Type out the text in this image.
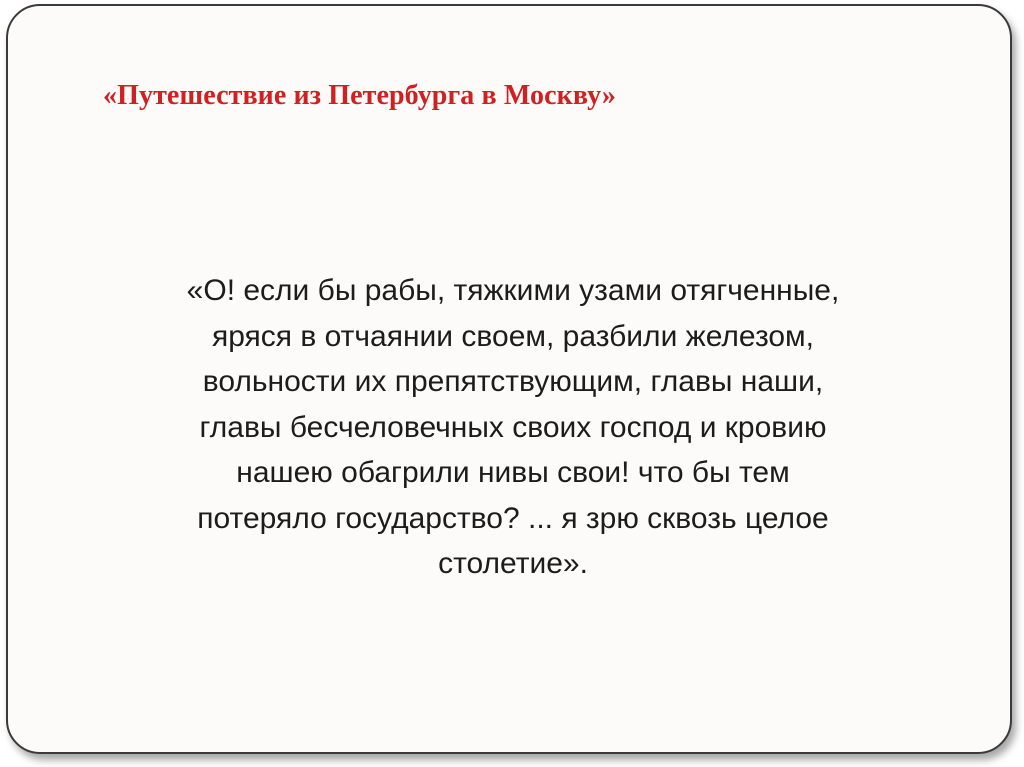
«Путешествие из Петербурга в Москву»

«О! если бы рабы, тяжкими узами отягченные,
яряся в отчаянии своем, разбили железом,
вольности их препятствующим, главы наши,
главы бесчеловечных своих господ и кровию
нашею обагрили нивы свои! что бы тем
потеряло государство? ... я зрю сквозь целое
столетие».
